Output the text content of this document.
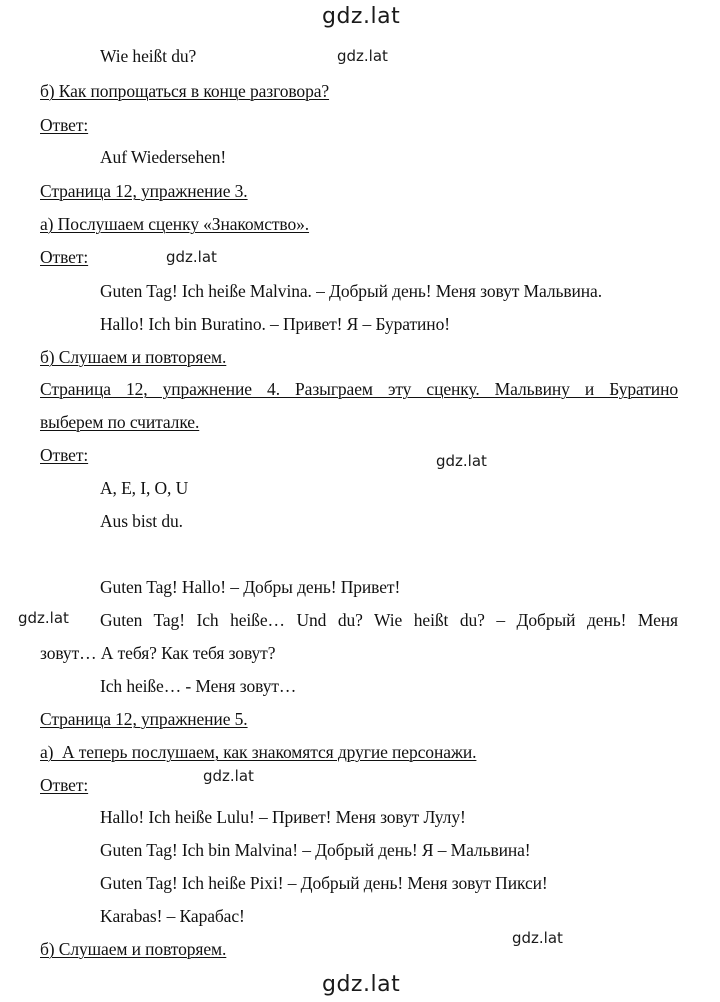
gdz.lat
gdz.lat
gdz.lat
gdz.lat
gdz.lat
gdz.lat
gdz.lat
gdz.lat
Wie heißt du?
б) Как попрощаться в конце разговора?
Ответ:
Auf Wiedersehen!
Страница 12, упражнение 3.
а) Послушаем сценку «Знакомство».
Ответ:
Guten Tag! Ich heiße Malvina. – Добрый день! Меня зовут Мальвина.
Hallo! Ich bin Buratino. – Привет! Я – Буратино!
б) Слушаем и повторяем.
Страница 12, упражнение 4. Разыграем эту сценку. Мальвину и Буратино
выберем по считалке.
Ответ:
A, E, I, O, U
Aus bist du.
Guten Tag! Hallo! – Добры день! Привет!
Guten Tag! Ich heiße… Und du? Wie heißt du? – Добрый день! Меня
зовут… А тебя? Как тебя зовут?
Ich heiße… - Меня зовут…
Страница 12, упражнение 5.
а)  А теперь послушаем, как знакомятся другие персонажи.
Ответ:
Hallo! Ich heiße Lulu! – Привет! Меня зовут Лулу!
Guten Tag! Ich bin Malvina! – Добрый день! Я – Мальвина!
Guten Tag! Ich heiße Pixi! – Добрый день! Меня зовут Пикси!
Karabas! – Карабас!
б) Слушаем и повторяем.
